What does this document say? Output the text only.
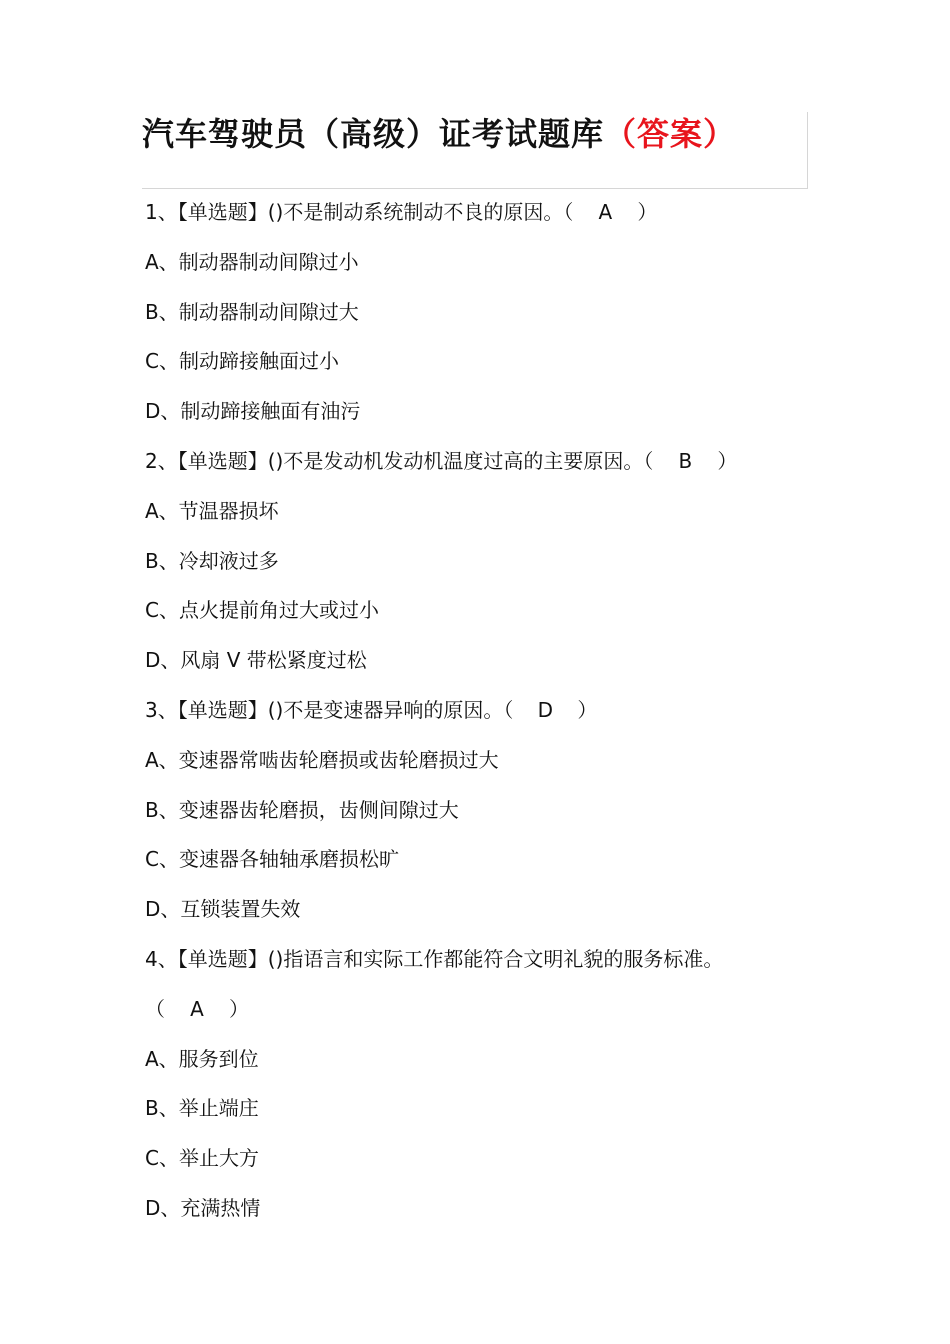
汽车驾驶员（高级）证考试题库（答案）
1、【单选题】()不是制动系统制动不良的原因。（ A ）
A、制动器制动间隙过小
B、制动器制动间隙过大
C、制动蹄接触面过小
D、制动蹄接触面有油污
2、【单选题】()不是发动机发动机温度过高的主要原因。（ B ）
A、节温器损坏
B、冷却液过多
C、点火提前角过大或过小
D、风扇 V 带松紧度过松
3、【单选题】()不是变速器异响的原因。（ D ）
A、变速器常啮齿轮磨损或齿轮磨损过大
B、变速器齿轮磨损，齿侧间隙过大
C、变速器各轴轴承磨损松旷
D、互锁装置失效
4、【单选题】()指语言和实际工作都能符合文明礼貌的服务标准。
（ A ）
A、服务到位
B、举止端庄
C、举止大方
D、充满热情
